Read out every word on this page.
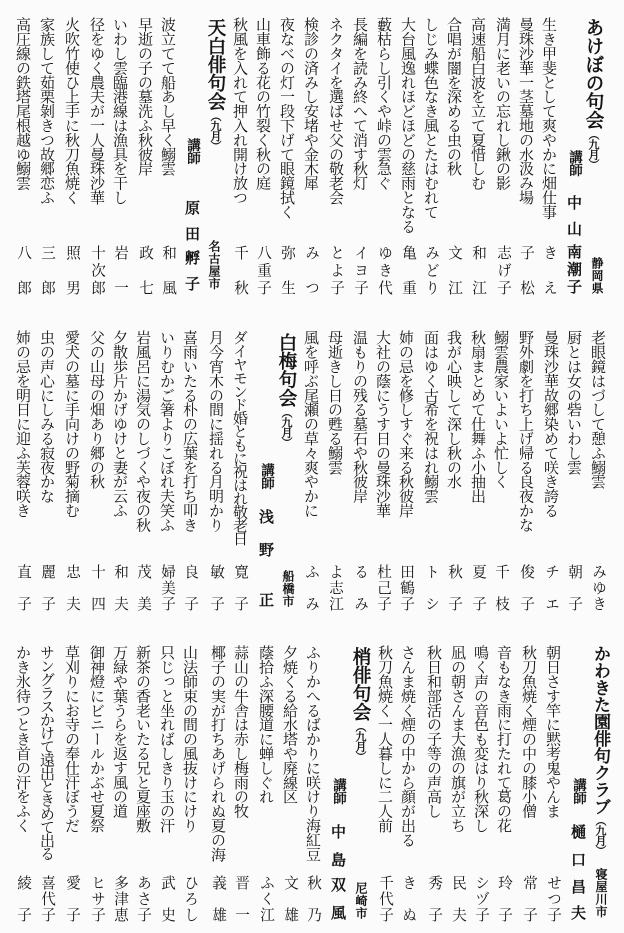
あけぼの句会（九月）
静岡県
講師
中山
南潮子
生き甲斐として爽やかに畑仕事
きえ
曼珠沙華一茎墓地の水汲み場
子松
満月に老いの忘れし鍬の影
志げ子
高速船白波を立て夏惜しむ
和江
合唱が闇を深める虫の秋
文江
しじみ蝶色なき風とたはむれて
みどり
大台風逸れほどほどの慈雨となる
亀重
藪枯らし引くや峠の雲急ぐ
ゆき代
長編を読み終へて消す秋灯
イヨ子
ネクタイを選ばせ父の敬老会
とよ子
検診の済みし安堵や金木犀
みつ
夜なべの灯一段下げて眼鏡拭く
弥生
山車飾る花の竹裂く秋の庭
八重子
秋風を入れて押入れ開け放つ
千秋
天白俳句会（九月）
名古屋市
講師
原田
孵子
波立てて船あし早く鰯雲
和風
早逝の子の墓洗ふ秋彼岸
政七
いわし雲臨港線は漁具を干し
岩一
径をゆく農夫が一人曼珠沙華
十次郎
火吹竹使ひ上手に秋刀魚焼く
照男
家族して茹栗剝きつ故郷恋ふ
三郎
高圧線の鉄塔尾根越ゆ鰯雲
八郎
老眼鏡はづして憩ふ鰯雲
みゆき
厨とは女の砦いわし雲
朝子
曼珠沙華故郷染めて咲き誇る
チエ
野外劇を打ち上げ帰る良夜かな
俊子
鰯雲農家いよいよ忙しく
千枝
秋扇まとめて仕舞ふ小抽出
夏子
我が心映して深し秋の水
秋子
面はゆく古希を祝はれ鰯雲
トシ
姉の忌を修しすぐ来る秋彼岸
田鶴子
大社の蔭にうす日の曼珠沙華
杜己子
温もりの残る墓石や秋彼岸
るみ
母逝きし日の甦る鰯雲
よ志江
風を呼ぶ尾瀬の草々爽やかに
ふみ
白梅句会（九月）
船橋市
講師
浅野
正
ダイヤモンド婚ともに祝はれ敬老日
寛子
月今宵木の間に揺れる月明かり
敏子
喜雨いたる朴の広葉を打ち叩き
良子
いりむかご箸よりこぼれ夫笑ふ
婦美子
岩風呂に湯気のしづくや夜の秋
茂美
夕散歩片かげゆけと妻が云ふ
和夫
父の山母の畑あり郷の秋
十四
愛犬の墓に手向けの野菊摘む
忠夫
虫の声心にしみる寂夜かな
麗子
姉の忌を明日に迎ふ芙蓉咲き
直子
かわきた園俳句クラブ（九月）
寝屋川市
講師
樋口
昌夫
朝日さす竿に黙考鬼やんま
せつ子
秋刀魚焼く煙の中の膝小僧
常子
音もなき雨に打たれて葛の花
玲子
鳴く声の音色も変はり秋深し
シヅ子
凪の朝さんま大漁の旗が立ち
民夫
秋日和部活の子等の声高し
秀子
さんま焼く煙の中から顔が出る
きぬ
秋刀魚焼く一人暮しに二人前
千代子
梢俳句会（九月）
尼崎市
講師
中島
双風
ふりかへるばかりに咲けり海紅豆
秋乃
夕焼くる給水塔や廃線区
文雄
蔭拾ふ深腰道に蝉しぐれ
ふく江
蒜山の牛舎は赤し梅雨の牧
晋一
椰子の実が打ちあげられぬ夏の海
義雄
山法師束の間の風抜けにけり
ひろし
只じっと坐ればしきり玉の汗
武史
新茶の香老いたる兄と夏座敷
あさ子
万緑や葉うらを返す風の道
多津恵
御神燈にビニールかぶせ夏祭
ヒサ子
草刈りにお寺の奉仕汗ぼうだ
愛子
サングラスかけて遠出ときめて出る
喜代子
かき氷待つとき首の汗をふく
綾子
